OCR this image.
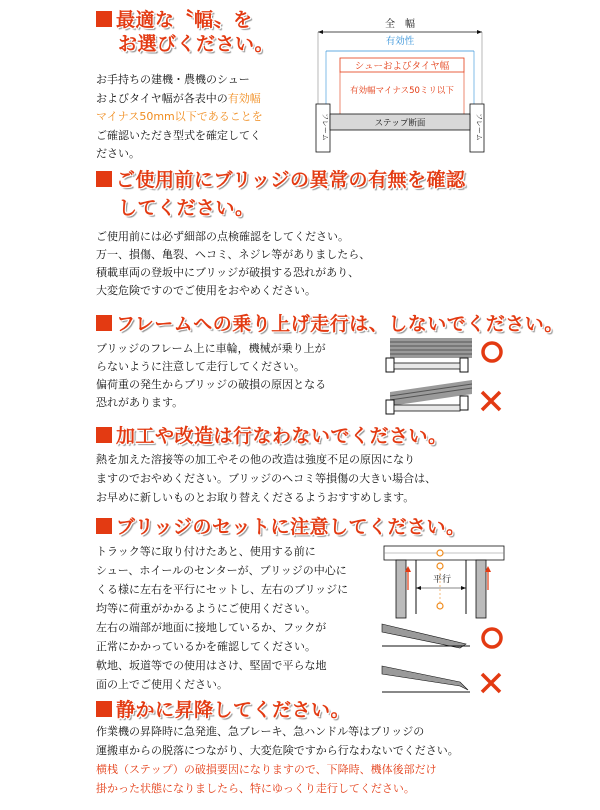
最適な〝幅〟を
お選びください。

お手持ちの建機・農機のシュー

およびタイヤ幅が各表中の有効幅

マイナス50mm以下であることを

ご確認いただき型式を確定してく

ださい。

全　幅
有効性
シューおよびタイヤ幅
有効幅マイナス50ミリ以下
フレーム	フレーム
ステップ断面
ご使用前にブリッジの異常の有無を確認
してください。

ご使用前には必ず細部の点検確認をしてください。

万一、損傷、亀裂、ヘコミ、ネジレ等がありましたら、

積載車両の登坂中にブリッジが破損する恐れがあり、

大変危険ですのでご使用をおやめください。

フレームへの乗り上げ走行は、しないでください。

ブリッジのフレーム上に車輪，機械が乗り上が

らないように注意して走行してください。

偏荷重の発生からブリッジの破損の原因となる

恐れがあります。

加工や改造は行なわないでください。

熱を加えた溶接等の加工やその他の改造は強度不足の原因になり

ますのでおやめください。ブリッジのヘコミ等損傷の大きい場合は、

お早めに新しいものとお取り替えくださるようおすすめします。

ブリッジのセットに注意してください。

トラック等に取り付けたあと、使用する前に

シュー、ホイールのセンターが、ブリッジの中心に

くる様に左右を平行にセットし、左右のブリッジに

均等に荷重がかかるようにご使用ください。

左右の端部が地面に接地しているか、フックが

正常にかかっているかを確認してください。

軟地、坂道等での使用はさけ、堅固で平らな地

面の上でご使用ください。

平行
静かに昇降してください。

作業機の昇降時に急発進、急ブレーキ、急ハンドル等はブリッジの

運搬車からの脱落につながり、大変危険ですから行なわないでください。

横桟（ステップ）の破損要因になりますので、下降時、機体後部だけ

掛かった状態になりましたら、特にゆっくり走行してください。
